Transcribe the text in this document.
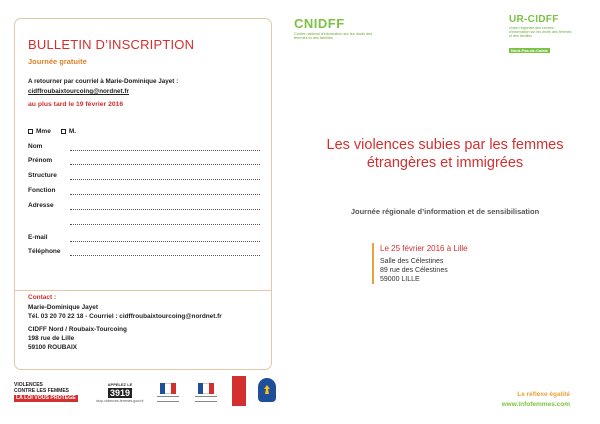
BULLETIN D’INSCRIPTION
Journée gratuite
A retourner par courriel à Marie-Dominique Jayet :
cidffroubaixtourcoing@nordnet.fr
au plus tard le 19 février 2016
Mme	M.
Nom
Prénom
Structure
Fonction
Adresse
E-mail
Téléphone
Contact :
Marie-Dominique Jayet
Tél. 03 20 70 22 18 - Courriel : cidffroubaixtourcoing@nordnet.fr
CIDFF Nord / Roubaix-Tourcoing
198 rue de Lille
59100 ROUBAIX
VIOLENCES
CONTRE LES FEMMES
LA LOI VOUS PROTÈGE
APPELEZ LE
3919
stop-violences-femmes.gouv.fr
CNIDFF
Centre national d'information sur les droits des femmes et des familles
UR-CIDFF
Union régionale des centres d'information sur les droits des femmes et des familles
Nord-Pas-de-Calais
Les violences subies par les femmes
étrangères et immigrées
Journée régionale d’information et de sensibilisation
Le 25 février 2016 à Lille
Salle des Célestines
89 rue des Célestines
59000 LILLE
Le réflexe égalité
www.infofemmes.com
